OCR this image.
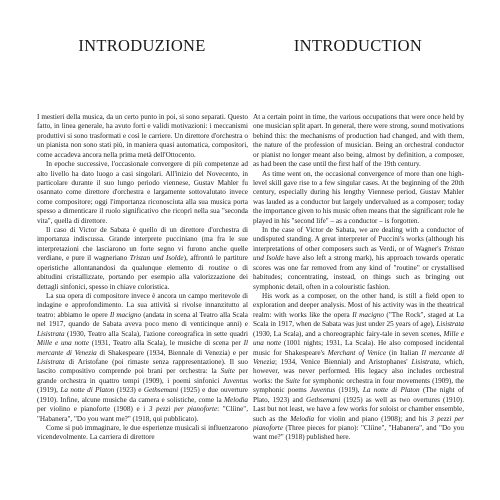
INTRODUZIONE	INTRODUCTION

I mestieri della musica, da un certo punto in poi, si sono separati. Questo fatto, in linea generale, ha avuto forti e validi motivazioni: i meccanismi produttivi si sono trasformati e così le carriere. Un direttore d'orchestra o un pianista non sono stati più, in maniera quasi automatica, compositori, come accadeva ancora nella prima metà dell'Ottocento.

In epoche successive, l'occasionale convergere di più competenze ad alto livello ha dato luogo a casi singolari. All'inizio del Novecento, in particolare durante il suo lungo periodo viennese, Gustav Mahler fu osannato come direttore d'orchestra e largamente sottovalutato invece come compositore; oggi l'importanza riconosciuta alla sua musica porta spesso a dimenticare il ruolo significativo che ricoprì nella sua "seconda vita", quella di direttore.

Il caso di Victor de Sabata è quello di un direttore d'orchestra di importanza indiscussa. Grande interprete pucciniano (ma fra le sue interpretazioni che lasciarono un forte segno vi furono anche quelle verdiane, e pure il wagneriano Tristan und Isolde), affrontò le partiture operistiche allontanandosi da qualunque elemento di routine o di abitudini cristallizzate, portando per esempio alla valorizzazione dei dettagli sinfonici, spesso in chiave coloristica.

La sua opera di compositore invece è ancora un campo meritevole di indagine e approfondimento. La sua attività si rivolse innanzitutto al teatro: abbiamo le opere Il macigno (andata in scena al Teatro alla Scala nel 1917, quando de Sabata aveva poco meno di venticinque anni) e Lisistrata (1930, Teatro alla Scala), l'azione coreografica in sette quadri Mille e una notte (1931, Teatro alla Scala), le musiche di scena per Il mercante di Venezia di Shakespeare (1934, Biennale di Venezia) e per Lisistrata di Aristofane (poi rimaste senza rappresentazione). Il suo lascito compositivo comprende poi brani per orchestra: la Suite per grande orchestra in quattro tempi (1909), i poemi sinfonici Juventus (1919), La notte di Platon (1923) e Gethsemani (1925) e due ouverture (1910). Infine, alcune musiche da camera e solistiche, come la Melodia per violino e pianoforte (1908) e i 3 pezzi per pianoforte: "Clíine", "Habanera", "Do you want me?" (1918, qui pubblicato).

Come si può immaginare, le due esperienze musicali si influenzarono vicendevolmente. La carriera di direttore

At a certain point in time, the various occupations that were once held by one musician split apart. In general, there were strong, sound motivations behind this: the mechanisms of production had changed, and with them, the nature of the profession of musician. Being an orchestral conductor or pianist no longer meant also being, almost by definition, a composer, as had been the case until the first half of the 19th century.

As time went on, the occasional convergence of more than one high-level skill gave rise to a few singular cases. At the beginning of the 20th century, especially during his lengthy Viennese period, Gustav Mahler was lauded as a conductor but largely undervalued as a composer; today the importance given to his music often means that the significant role he played in his "second life" – as a conductor – is forgotten.

In the case of Victor de Sabata, we are dealing with a conductor of undisputed standing. A great interpreter of Puccini's works (although his interpretations of other composers such as Verdi, or of Wagner's Tristan und Isolde have also left a strong mark), his approach towards operatic scores was one far removed from any kind of "routine" or crystallised habitudes; concentrating, instead, on things such as bringing out symphonic detail, often in a colouristic fashion.

His work as a composer, on the other hand, is still a field open to exploration and deeper analysis. Most of his activity was in the theatrical realm: with works like the opera Il macigno ("The Rock", staged at La Scala in 1917, when de Sabata was just under 25 years of age), Lisistrata (1930, La Scala), and a choreographic fairy-tale in seven scenes, Mille e una notte (1001 nights; 1931, La Scala). He also composed incidental music for Shakespeare's Merchant of Venice (in Italian Il mercante di Venezia; 1934, Venice Biennial) and Aristophanes' Lisistrata, which, however, was never performed. His legacy also includes orchestral works: the Suite for symphonic orchestra in four movements (1909), the symphonic poems Juventus (1919), La notte di Platon (The night of Plato, 1923) and Gethsemani (1925) as well as two overtures (1910). Last but not least, we have a few works for soloist or chamber ensemble, such as the Melodia for violin and piano (1908); and his 3 pezzi per pianoforte (Three pieces for piano): "Clíine", "Habanera", and "Do you want me?" (1918) published here.
